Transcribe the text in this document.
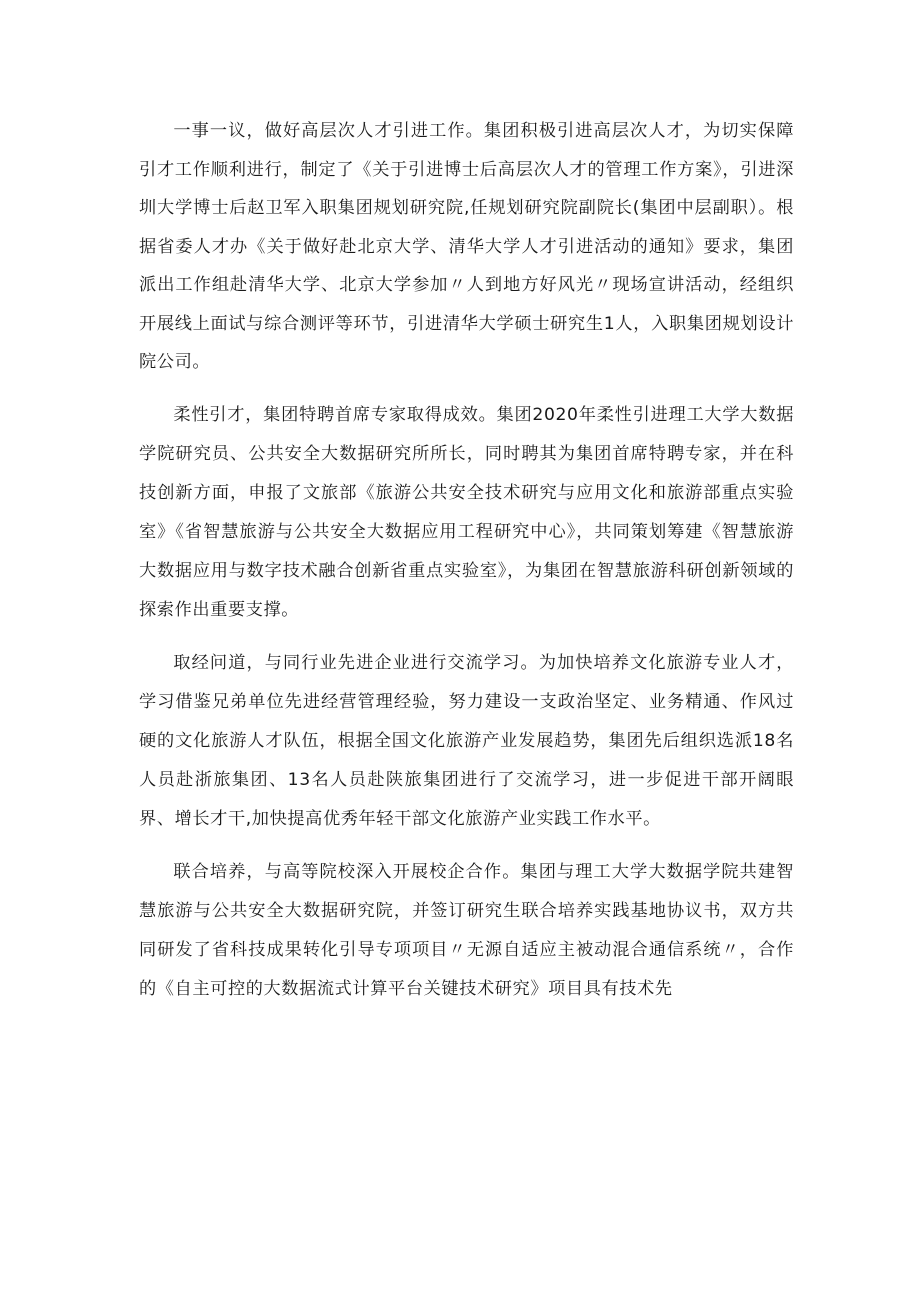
一事一议，做好高层次人才引进工作。集团积极引进高层次人才，为切实保障引才工作顺利进行，制定了《关于引进博士后高层次人才的管理工作方案》，引进深圳大学博士后赵卫军入职集团规划研究院,任规划研究院副院长(集团中层副职）。根据省委人才办《关于做好赴北京大学、清华大学人才引进活动的通知》要求，集团派出工作组赴清华大学、北京大学参加〃人到地方好风光〃现场宣讲活动，经组织开展线上面试与综合测评等环节，引进清华大学硕士研究生1人，入职集团规划设计院公司。

柔性引才，集团特聘首席专家取得成效。集团2020年柔性引进理工大学大数据学院研究员、公共安全大数据研究所所长，同时聘其为集团首席特聘专家，并在科技创新方面，申报了文旅部《旅游公共安全技术研究与应用文化和旅游部重点实验室》《省智慧旅游与公共安全大数据应用工程研究中心》，共同策划筹建《智慧旅游大数据应用与数字技术融合创新省重点实验室》，为集团在智慧旅游科研创新领域的探索作出重要支撑。

取经问道，与同行业先进企业进行交流学习。为加快培养文化旅游专业人才，学习借鉴兄弟单位先进经营管理经验，努力建设一支政治坚定、业务精通、作风过硬的文化旅游人才队伍，根据全国文化旅游产业发展趋势，集团先后组织选派18名人员赴浙旅集团、13名人员赴陕旅集团进行了交流学习，进一步促进干部开阔眼界、增长才干,加快提高优秀年轻干部文化旅游产业实践工作水平。

联合培养，与高等院校深入开展校企合作。集团与理工大学大数据学院共建智慧旅游与公共安全大数据研究院，并签订研究生联合培养实践基地协议书，双方共同研发了省科技成果转化引导专项项目〃无源自适应主被动混合通信系统〃，合作的《自主可控的大数据流式计算平台关键技术研究》项目具有技术先
